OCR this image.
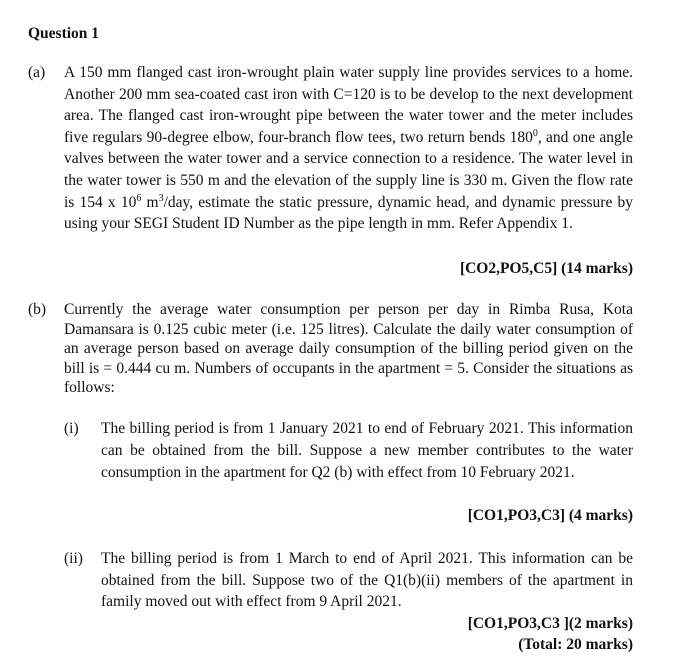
Question 1
(a) A 150 mm flanged cast iron-wrought plain water supply line provides services to a home. Another 200 mm sea-coated cast iron with C=120 is to be develop to the next development area. The flanged cast iron-wrought pipe between the water tower and the meter includes five regulars 90-degree elbow, four-branch flow tees, two return bends $180^0$, and one angle valves between the water tower and a service connection to a residence. The water level in the water tower is 550 m and the elevation of the supply line is 330 m. Given the flow rate is 154 x $10^6$ $m^3$/day, estimate the static pressure, dynamic head, and dynamic pressure by using your SEGI Student ID Number as the pipe length in mm. Refer Appendix 1.
[CO2,PO5,C5] (14 marks)
(b) Currently the average water consumption per person per day in Rimba Rusa, Kota Damansara is 0.125 cubic meter (i.e. 125 litres). Calculate the daily water consumption of an average person based on average daily consumption of the billing period given on the bill is = 0.444 cu m. Numbers of occupants in the apartment = 5. Consider the situations as follows:
(i) The billing period is from 1 January 2021 to end of February 2021. This information can be obtained from the bill. Suppose a new member contributes to the water consumption in the apartment for Q2 (b) with effect from 10 February 2021.
[CO1,PO3,C3] (4 marks)
(ii) The billing period is from 1 March to end of April 2021. This information can be obtained from the bill. Suppose two of the Q1(b)(ii) members of the apartment in family moved out with effect from 9 April 2021.
[CO1,PO3,C3 ](2 marks)
(Total: 20 marks)
